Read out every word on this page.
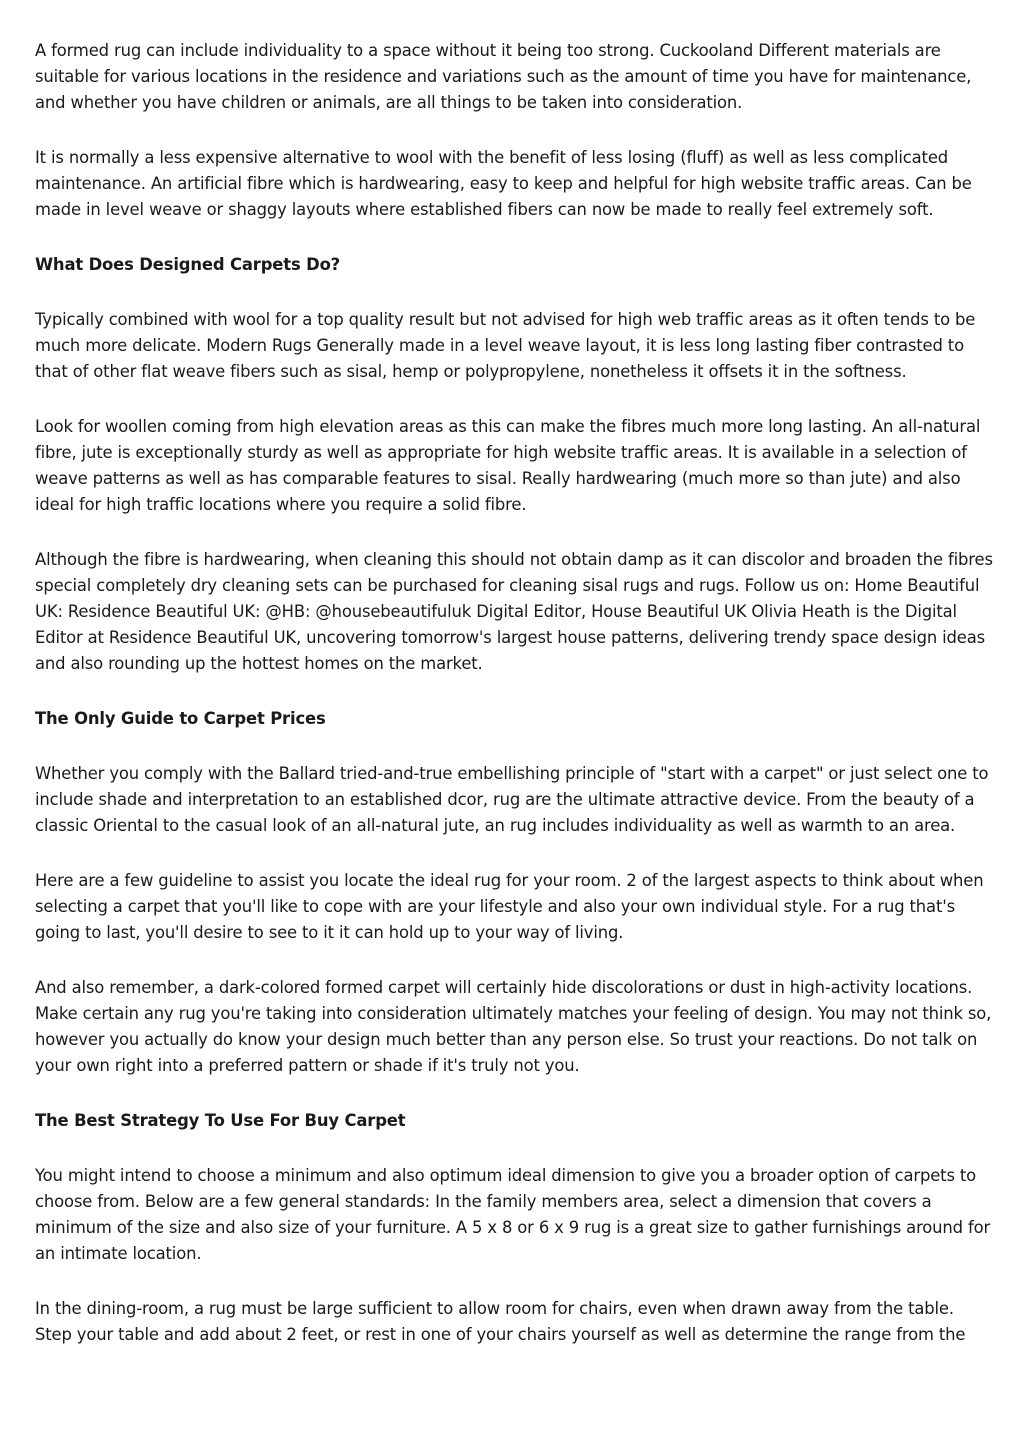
A formed rug can include individuality to a space without it being too strong. Cuckooland Different materials are suitable for various locations in the residence and variations such as the amount of time you have for maintenance, and whether you have children or animals, are all things to be taken into consideration.

It is normally a less expensive alternative to wool with the benefit of less losing (fluff) as well as less complicated maintenance. An artificial fibre which is hardwearing, easy to keep and helpful for high website traffic areas. Can be made in level weave or shaggy layouts where established fibers can now be made to really feel extremely soft.

What Does Designed Carpets Do?

Typically combined with wool for a top quality result but not advised for high web traffic areas as it often tends to be much more delicate. Modern Rugs Generally made in a level weave layout, it is less long lasting fiber contrasted to that of other flat weave fibers such as sisal, hemp or polypropylene, nonetheless it offsets it in the softness.

Look for woollen coming from high elevation areas as this can make the fibres much more long lasting. An all-natural fibre, jute is exceptionally sturdy as well as appropriate for high website traffic areas. It is available in a selection of weave patterns as well as has comparable features to sisal. Really hardwearing (much more so than jute) and also ideal for high traffic locations where you require a solid fibre.

Although the fibre is hardwearing, when cleaning this should not obtain damp as it can discolor and broaden the fibres special completely dry cleaning sets can be purchased for cleaning sisal rugs and rugs. Follow us on: Home Beautiful UK: Residence Beautiful UK: @HB: @housebeautifuluk Digital Editor, House Beautiful UK Olivia Heath is the Digital Editor at Residence Beautiful UK, uncovering tomorrow's largest house patterns, delivering trendy space design ideas and also rounding up the hottest homes on the market.

The Only Guide to Carpet Prices

Whether you comply with the Ballard tried-and-true embellishing principle of "start with a carpet" or just select one to include shade and interpretation to an established dcor, rug are the ultimate attractive device. From the beauty of a classic Oriental to the casual look of an all-natural jute, an rug includes individuality as well as warmth to an area.

Here are a few guideline to assist you locate the ideal rug for your room. 2 of the largest aspects to think about when selecting a carpet that you'll like to cope with are your lifestyle and also your own individual style. For a rug that's going to last, you'll desire to see to it it can hold up to your way of living.

And also remember, a dark-colored formed carpet will certainly hide discolorations or dust in high-activity locations. Make certain any rug you're taking into consideration ultimately matches your feeling of design. You may not think so, however you actually do know your design much better than any person else. So trust your reactions. Do not talk on your own right into a preferred pattern or shade if it's truly not you.

The Best Strategy To Use For Buy Carpet

You might intend to choose a minimum and also optimum ideal dimension to give you a broader option of carpets to choose from. Below are a few general standards: In the family members area, select a dimension that covers a minimum of the size and also size of your furniture. A 5 x 8 or 6 x 9 rug is a great size to gather furnishings around for an intimate location.

In the dining-room, a rug must be large sufficient to allow room for chairs, even when drawn away from the table. Step your table and add about 2 feet, or rest in one of your chairs yourself as well as determine the range from the
